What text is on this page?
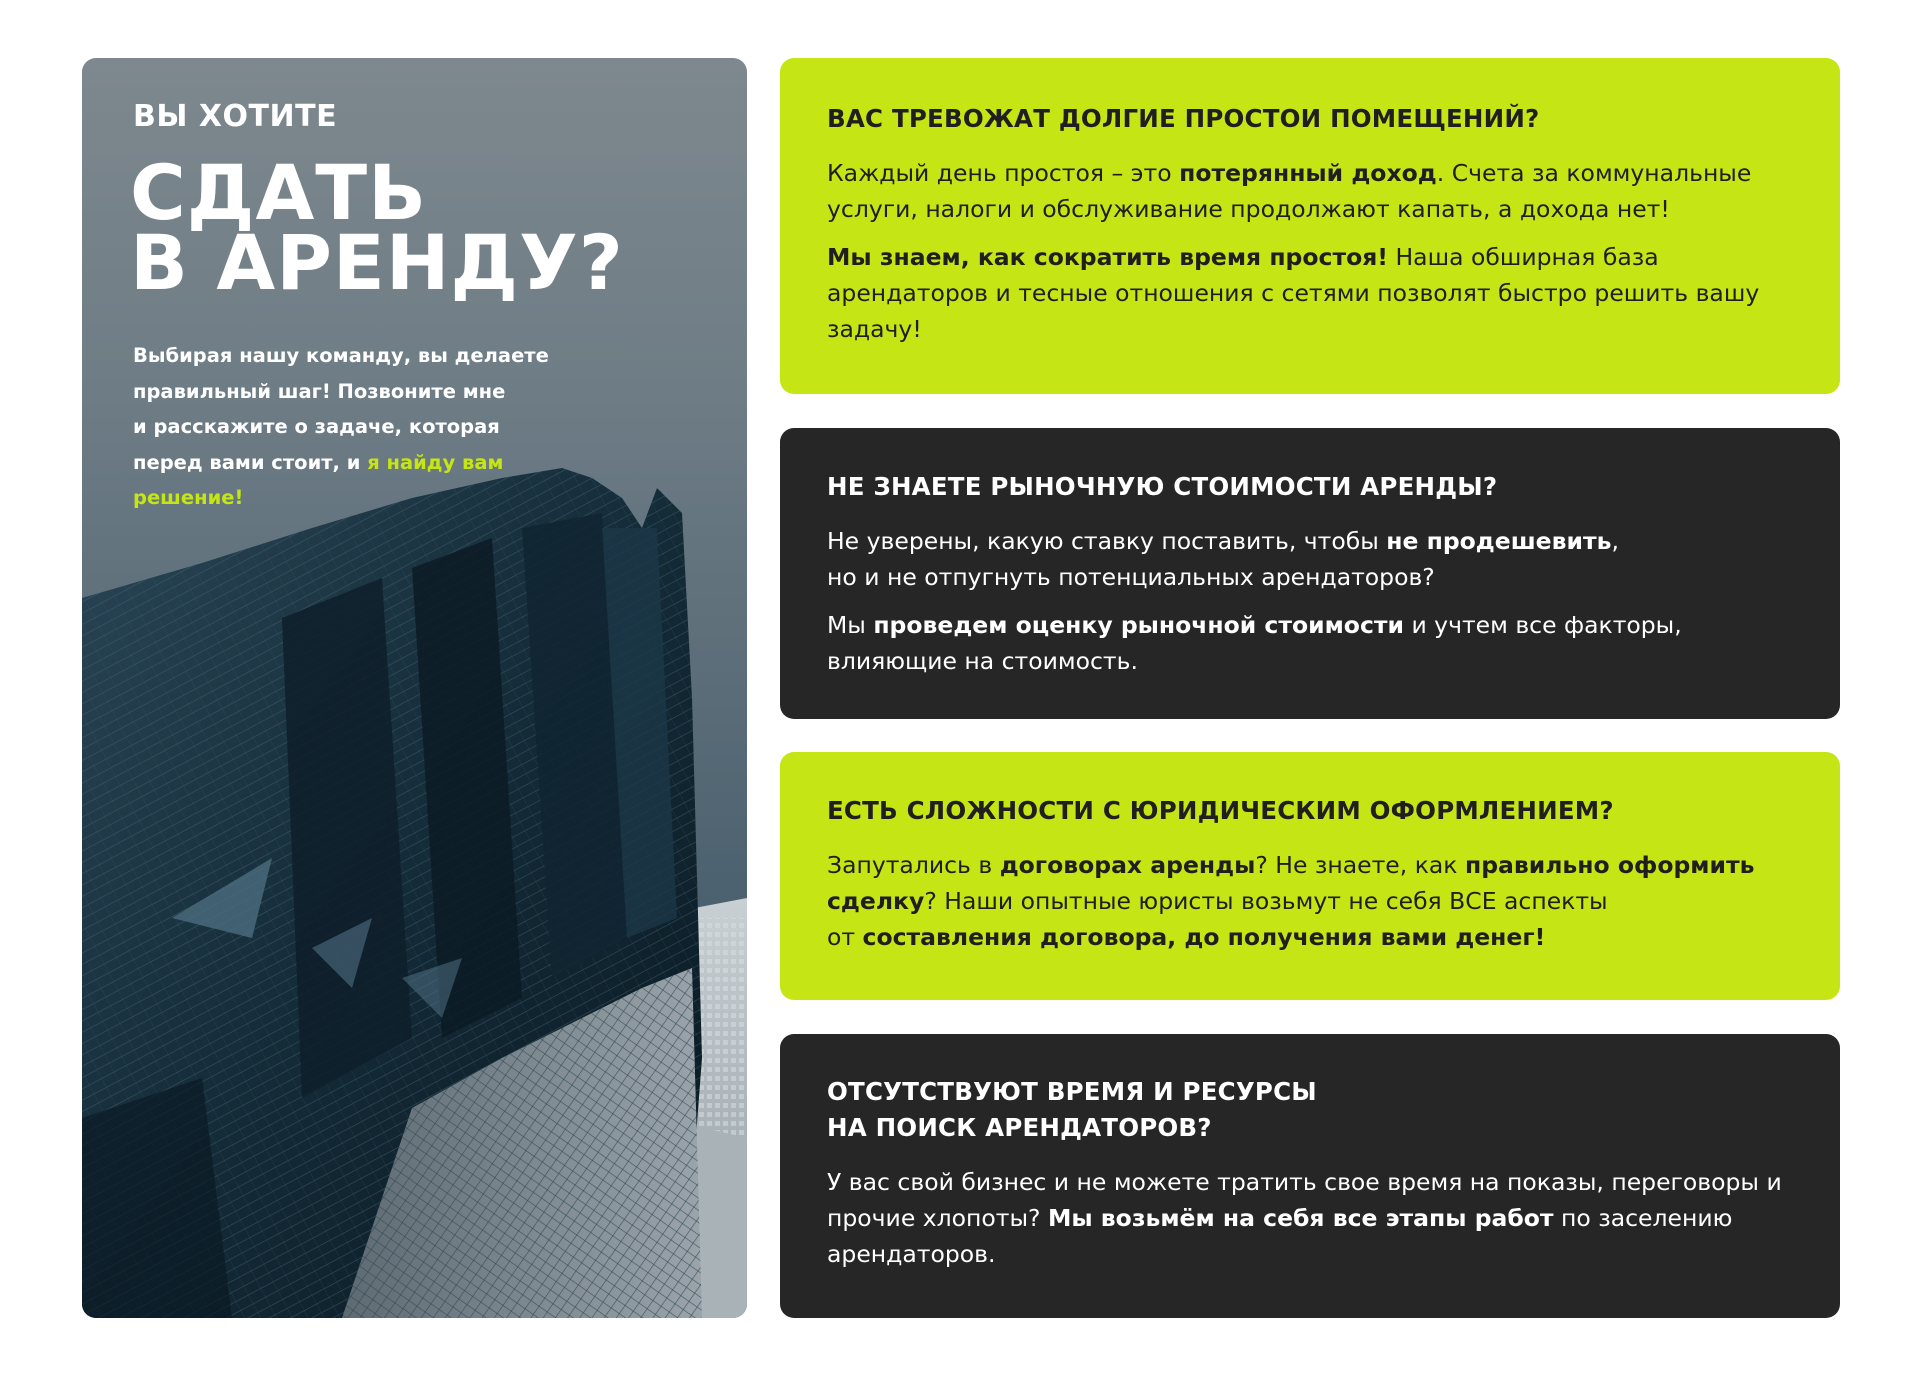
ВЫ ХОТИТЕ
СДАТЬ
В АРЕНДУ?

Выбирая нашу команду, вы делаете
правильный шаг! Позвоните мне
и расскажите о задаче, которая
перед вами стоит, и я найду вам решение!

ВАС ТРЕВОЖАТ ДОЛГИЕ ПРОСТОИ ПОМЕЩЕНИЙ?

Каждый день простоя – это потерянный доход. Счета за коммунальные услуги, налоги и обслуживание продолжают капать, а дохода нет!

Мы знаем, как сократить время простоя! Наша обширная база арендаторов и тесные отношения с сетями позволят быстро решить вашу задачу!

НЕ ЗНАЕТЕ РЫНОЧНУЮ СТОИМОСТИ АРЕНДЫ?

Не уверены, какую ставку поставить, чтобы не продешевить,
но и не отпугнуть потенциальных арендаторов?

Мы проведем оценку рыночной стоимости и учтем все факторы, влияющие на стоимость.

ЕСТЬ СЛОЖНОСТИ С ЮРИДИЧЕСКИМ ОФОРМЛЕНИЕМ?

Запутались в договорах аренды? Не знаете, как правильно оформить сделку? Наши опытные юристы возьмут не себя ВСЕ аспекты
от составления договора, до получения вами денег!

ОТСУТСТВУЮТ ВРЕМЯ И РЕСУРСЫ
НА ПОИСК АРЕНДАТОРОВ?

У вас свой бизнес и не можете тратить свое время на показы, переговоры и прочие хлопоты? Мы возьмём на себя все этапы работ по заселению арендаторов.
